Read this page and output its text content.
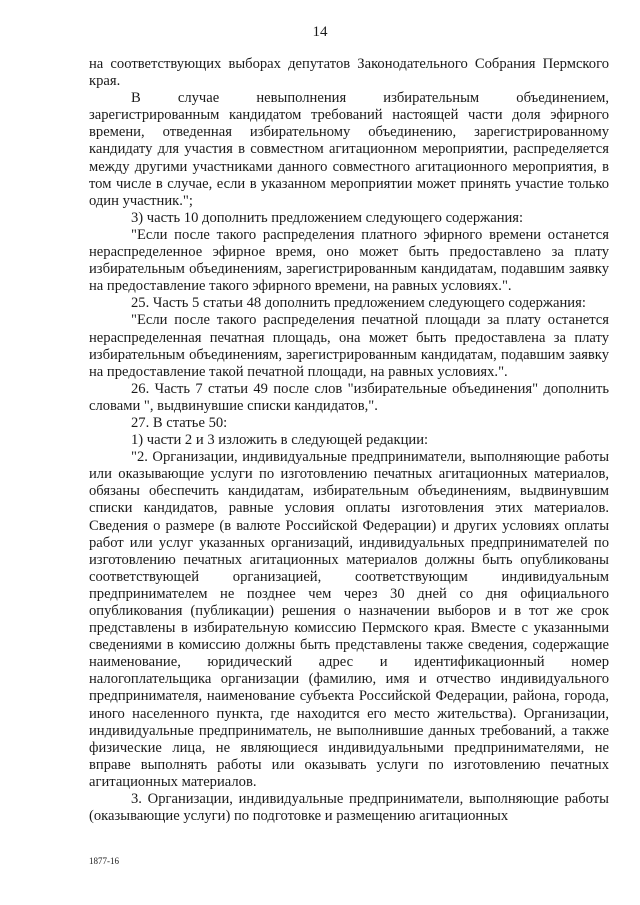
14

на соответствующих выборах депутатов Законодательного Собрания Пермского края.

В случае невыполнения избирательным объединением, зарегистрированным кандидатом требований настоящей части доля эфирного времени, отведенная избирательному объединению, зарегистрированному кандидату для участия в совместном агитационном мероприятии, распределяется между другими участниками данного совместного агитационного мероприятия, в том числе в случае, если в указанном мероприятии может принять участие только один участник.";

3) часть 10 дополнить предложением следующего содержания:

"Если после такого распределения платного эфирного времени останется нераспределенное эфирное время, оно может быть предоставлено за плату избирательным объединениям, зарегистрированным кандидатам, подавшим заявку на предоставление такого эфирного времени, на равных условиях.".

25. Часть 5 статьи 48 дополнить предложением следующего содержания:

"Если после такого распределения печатной площади за плату останется нераспределенная печатная площадь, она может быть предоставлена за плату избирательным объединениям, зарегистрированным кандидатам, подавшим заявку на предоставление такой печатной площади, на равных условиях.".

26. Часть 7 статьи 49 после слов "избирательные объединения" дополнить словами ", выдвинувшие списки кандидатов,".

27. В статье 50:

1) части 2 и 3 изложить в следующей редакции:

"2. Организации, индивидуальные предприниматели, выполняющие работы или оказывающие услуги по изготовлению печатных агитационных материалов, обязаны обеспечить кандидатам, избирательным объединениям, выдвинувшим списки кандидатов, равные условия оплаты изготовления этих материалов. Сведения о размере (в валюте Российской Федерации) и других условиях оплаты работ или услуг указанных организаций, индивидуальных предпринимателей по изготовлению печатных агитационных материалов должны быть опубликованы соответствующей организацией, соответствующим индивидуальным предпринимателем не позднее чем через 30 дней со дня официального опубликования (публикации) решения о назначении выборов и в тот же срок представлены в избирательную комиссию Пермского края. Вместе с указанными сведениями в комиссию должны быть представлены также сведения, содержащие наименование, юридический адрес и идентификационный номер налогоплательщика организации (фамилию, имя и отчество индивидуального предпринимателя, наименование субъекта Российской Федерации, района, города, иного населенного пункта, где находится его место жительства). Организации, индивидуальные предприниматель, не выполнившие данных требований, а также физические лица, не являющиеся индивидуальными предпринимателями, не вправе выполнять работы или оказывать услуги по изготовлению печатных агитационных материалов.

3. Организации, индивидуальные предприниматели, выполняющие работы (оказывающие услуги) по подготовке и размещению агитационных

1877-16
